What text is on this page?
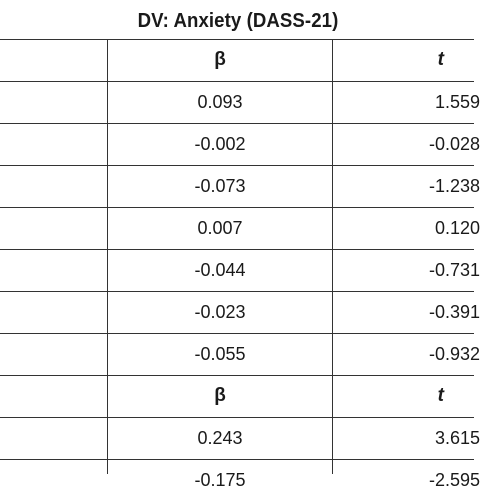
DV: Anxiety (DASS-21)
β	t
0.093	1.559
-0.002	-0.028
-0.073	-1.238
0.007	0.120
-0.044	-0.731
-0.023	-0.391
-0.055	-0.932
β	t
0.243	3.615
-0.175	-2.595
